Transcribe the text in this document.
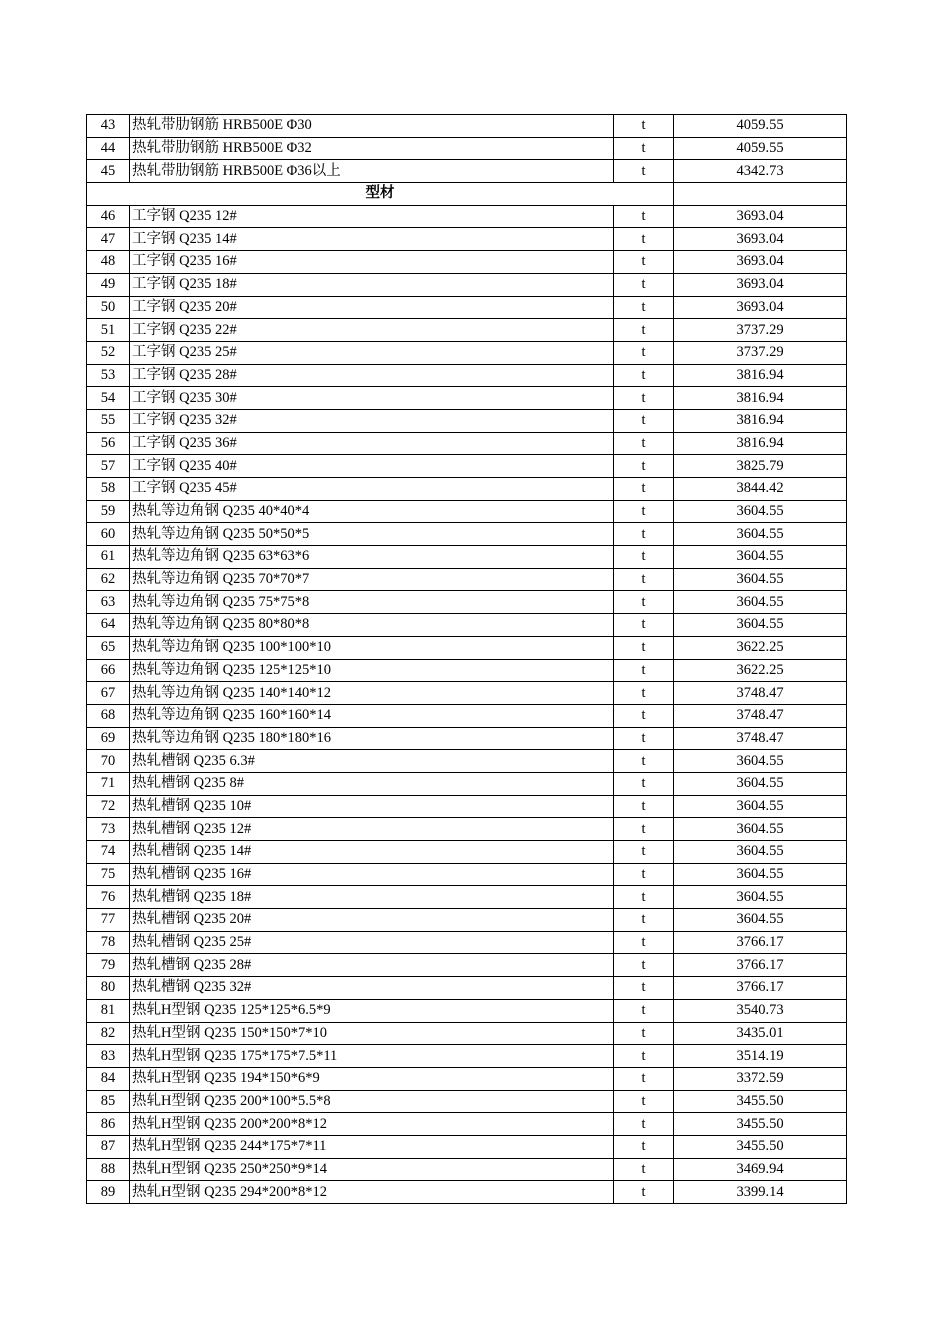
43	热轧带肋钢筋 HRB500E Φ30	t	4059.55
44	热轧带肋钢筋 HRB500E Φ32	t	4059.55
45	热轧带肋钢筋 HRB500E Φ36以上	t	4342.73
型材			
46	工字钢 Q235 12#	t	3693.04
47	工字钢 Q235 14#	t	3693.04
48	工字钢 Q235 16#	t	3693.04
49	工字钢 Q235 18#	t	3693.04
50	工字钢 Q235 20#	t	3693.04
51	工字钢 Q235 22#	t	3737.29
52	工字钢 Q235 25#	t	3737.29
53	工字钢 Q235 28#	t	3816.94
54	工字钢 Q235 30#	t	3816.94
55	工字钢 Q235 32#	t	3816.94
56	工字钢 Q235 36#	t	3816.94
57	工字钢 Q235 40#	t	3825.79
58	工字钢 Q235 45#	t	3844.42
59	热轧等边角钢 Q235 40*40*4	t	3604.55
60	热轧等边角钢 Q235 50*50*5	t	3604.55
61	热轧等边角钢 Q235 63*63*6	t	3604.55
62	热轧等边角钢 Q235 70*70*7	t	3604.55
63	热轧等边角钢 Q235 75*75*8	t	3604.55
64	热轧等边角钢 Q235 80*80*8	t	3604.55
65	热轧等边角钢 Q235 100*100*10	t	3622.25
66	热轧等边角钢 Q235 125*125*10	t	3622.25
67	热轧等边角钢 Q235 140*140*12	t	3748.47
68	热轧等边角钢 Q235 160*160*14	t	3748.47
69	热轧等边角钢 Q235 180*180*16	t	3748.47
70	热轧槽钢 Q235 6.3#	t	3604.55
71	热轧槽钢 Q235 8#	t	3604.55
72	热轧槽钢 Q235 10#	t	3604.55
73	热轧槽钢 Q235 12#	t	3604.55
74	热轧槽钢 Q235 14#	t	3604.55
75	热轧槽钢 Q235 16#	t	3604.55
76	热轧槽钢 Q235 18#	t	3604.55
77	热轧槽钢 Q235 20#	t	3604.55
78	热轧槽钢 Q235 25#	t	3766.17
79	热轧槽钢 Q235 28#	t	3766.17
80	热轧槽钢 Q235 32#	t	3766.17
81	热轧H型钢 Q235 125*125*6.5*9	t	3540.73
82	热轧H型钢 Q235 150*150*7*10	t	3435.01
83	热轧H型钢 Q235 175*175*7.5*11	t	3514.19
84	热轧H型钢 Q235 194*150*6*9	t	3372.59
85	热轧H型钢 Q235 200*100*5.5*8	t	3455.50
86	热轧H型钢 Q235 200*200*8*12	t	3455.50
87	热轧H型钢 Q235 244*175*7*11	t	3455.50
88	热轧H型钢 Q235 250*250*9*14	t	3469.94
89	热轧H型钢 Q235 294*200*8*12	t	3399.14
